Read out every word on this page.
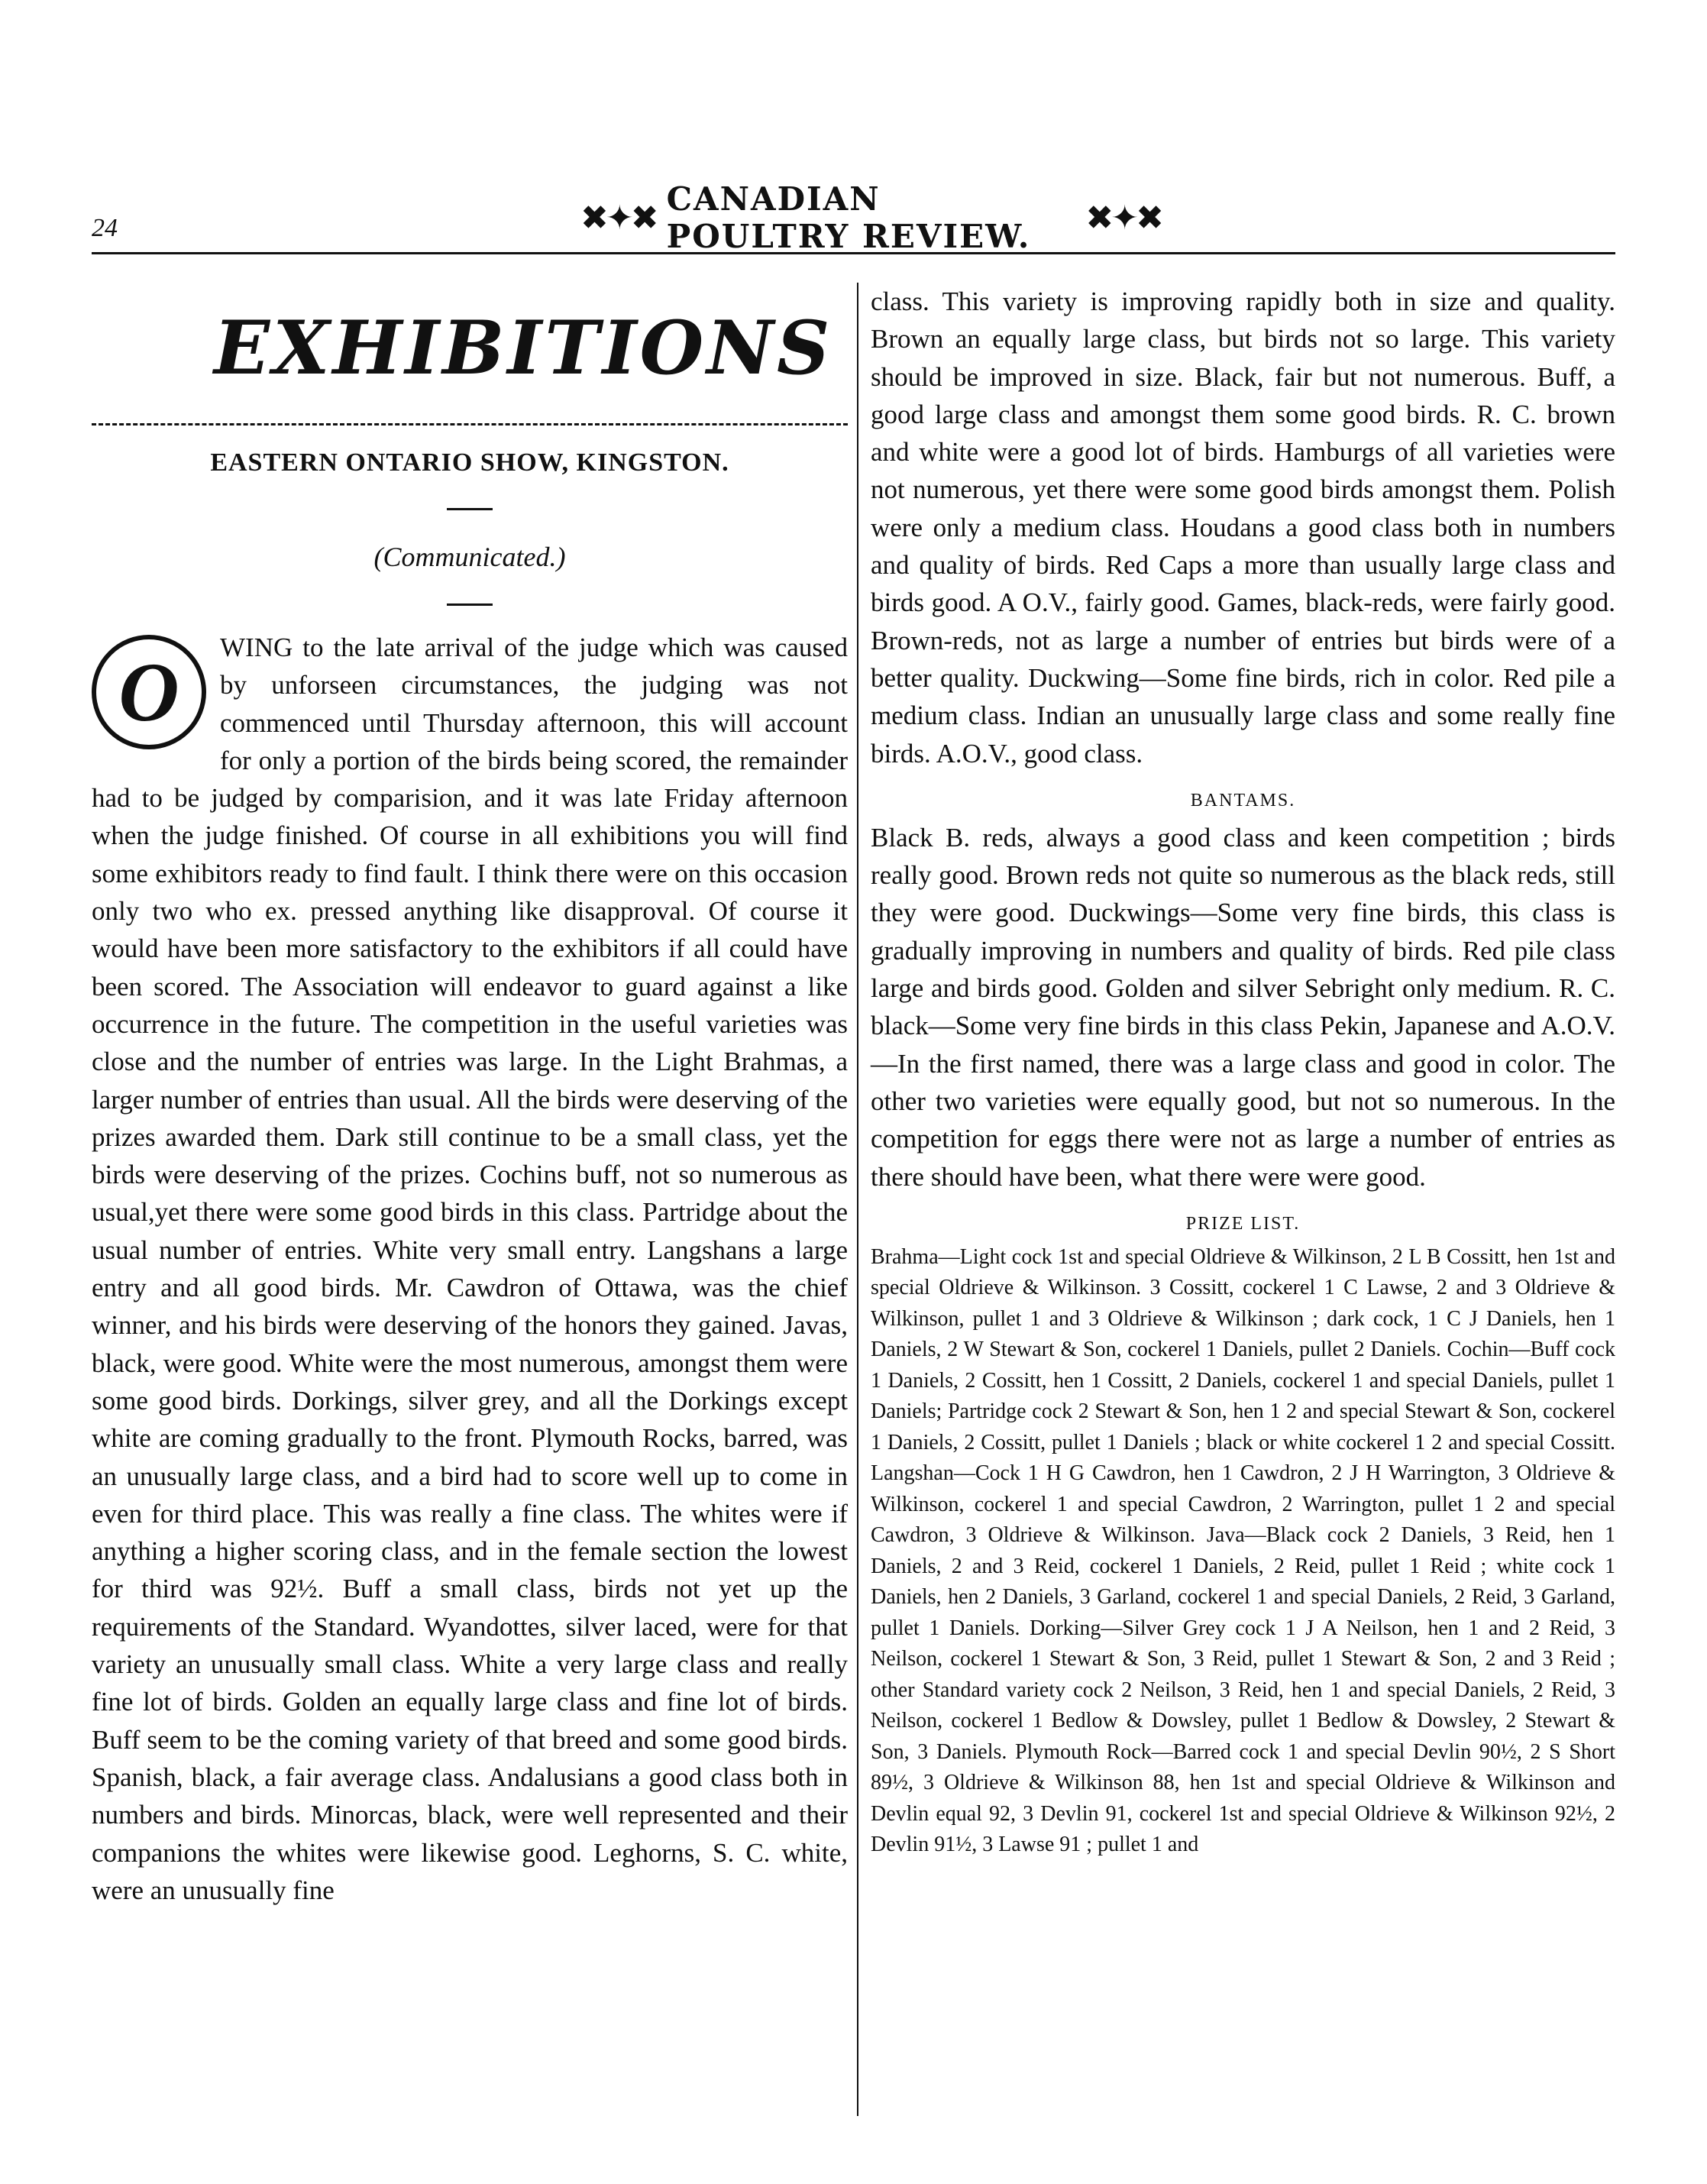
24	✖✦✖ CANADIAN POULTRY REVIEW.	✖✦✖
EXHIBITIONS
EASTERN ONTARIO SHOW, KINGSTON.
(Communicated.)
O	WING to the late arrival of the judge which was caused by unforseen circumstances, the judging was not commenced until Thursday afternoon, this will account for only a portion of the birds being scored, the remainder had to be judged by comparision, and it was late Friday afternoon when the judge finished. Of course in all exhibitions you will find some exhibitors ready to find fault. I think there were on this occasion only two who ex. pressed anything like disapproval. Of course it would have been more satisfactory to the exhibitors if all could have been scored. The Association will endeavor to guard against a like occurrence in the future. The competition in the useful varieties was close and the number of entries was large. In the Light Brahmas, a larger number of entries than usual. All the birds were deserving of the prizes awarded them. Dark still continue to be a small class, yet the birds were deserving of the prizes. Cochins buff, not so numerous as usual,yet there were some good birds in this class. Partridge about the usual number of entries. White very small entry. Langshans a large entry and all good birds. Mr. Cawdron of Ottawa, was the chief winner, and his birds were deserving of the honors they gained. Javas, black, were good. White were the most numerous, amongst them were some good birds. Dorkings, silver grey, and all the Dorkings except white are coming gradually to the front. Plymouth Rocks, barred, was an unusually large class, and a bird had to score well up to come in even for third place. This was really a fine class. The whites were if anything a higher scoring class, and in the female section the lowest for third was 92½. Buff a small class, birds not yet up the requirements of the Standard. Wyandottes, silver laced, were for that variety an unusually small class. White a very large class and really fine lot of birds. Golden an equally large class and fine lot of birds. Buff seem to be the coming variety of that breed and some good birds. Spanish, black, a fair average class. Andalusians a good class both in numbers and birds. Minorcas, black, were well represented and their companions the whites were likewise good. Leghorns, S. C. white, were an unusually fine

class. This variety is improving rapidly both in size and quality. Brown an equally large class, but birds not so large. This variety should be improved in size. Black, fair but not numerous. Buff, a good large class and amongst them some good birds. R. C. brown and white were a good lot of birds. Hamburgs of all varieties were not numerous, yet there were some good birds amongst them. Polish were only a medium class. Houdans a good class both in numbers and quality of birds. Red Caps a more than usually large class and birds good. A O.V., fairly good. Games, black-reds, were fairly good. Brown-reds, not as large a number of entries but birds were of a better quality. Duckwing—Some fine birds, rich in color. Red pile a medium class. Indian an unusually large class and some really fine birds. A.O.V., good class.

BANTAMS.

Black B. reds, always a good class and keen competition ; birds really good. Brown reds not quite so numerous as the black reds, still they were good. Duckwings—Some very fine birds, this class is gradually improving in numbers and quality of birds. Red pile class large and birds good. Golden and silver Sebright only medium. R. C. black—Some very fine birds in this class Pekin, Japanese and A.O.V.—In the first named, there was a large class and good in color. The other two varieties were equally good, but not so numerous. In the competition for eggs there were not as large a number of entries as there should have been, what there were were good.

PRIZE LIST.

Brahma—Light cock 1st and special Oldrieve & Wilkinson, 2 L B Cossitt, hen 1st and special Oldrieve & Wilkinson. 3 Cossitt, cockerel 1 C Lawse, 2 and 3 Oldrieve & Wilkinson, pullet 1 and 3 Oldrieve & Wilkinson ; dark cock, 1 C J Daniels, hen 1 Daniels, 2 W Stewart & Son, cockerel 1 Daniels, pullet 2 Daniels. Cochin—Buff cock 1 Daniels, 2 Cossitt, hen 1 Cossitt, 2 Daniels, cockerel 1 and special Daniels, pullet 1 Daniels; Partridge cock 2 Stewart & Son, hen 1 2 and special Stewart & Son, cockerel 1 Daniels, 2 Cossitt, pullet 1 Daniels ; black or white cockerel 1 2 and special Cossitt. Langshan—Cock 1 H G Cawdron, hen 1 Cawdron, 2 J H Warrington, 3 Oldrieve & Wilkinson, cockerel 1 and special Cawdron, 2 Warrington, pullet 1 2 and special Cawdron, 3 Oldrieve & Wilkinson. Java—Black cock 2 Daniels, 3 Reid, hen 1 Daniels, 2 and 3 Reid, cockerel 1 Daniels, 2 Reid, pullet 1 Reid ; white cock 1 Daniels, hen 2 Daniels, 3 Garland, cockerel 1 and special Daniels, 2 Reid, 3 Garland, pullet 1 Daniels. Dorking—Silver Grey cock 1 J A Neilson, hen 1 and 2 Reid, 3 Neilson, cockerel 1 Stewart & Son, 3 Reid, pullet 1 Stewart & Son, 2 and 3 Reid ; other Standard variety cock 2 Neilson, 3 Reid, hen 1 and special Daniels, 2 Reid, 3 Neilson, cockerel 1 Bedlow & Dowsley, pullet 1 Bedlow & Dowsley, 2 Stewart & Son, 3 Daniels. Plymouth Rock—Barred cock 1 and special Devlin 90½, 2 S Short 89½, 3 Oldrieve & Wilkinson 88, hen 1st and special Oldrieve & Wilkinson and Devlin equal 92, 3 Devlin 91, cockerel 1st and special Oldrieve & Wilkinson 92½, 2 Devlin 91½, 3 Lawse 91 ; pullet 1 and
